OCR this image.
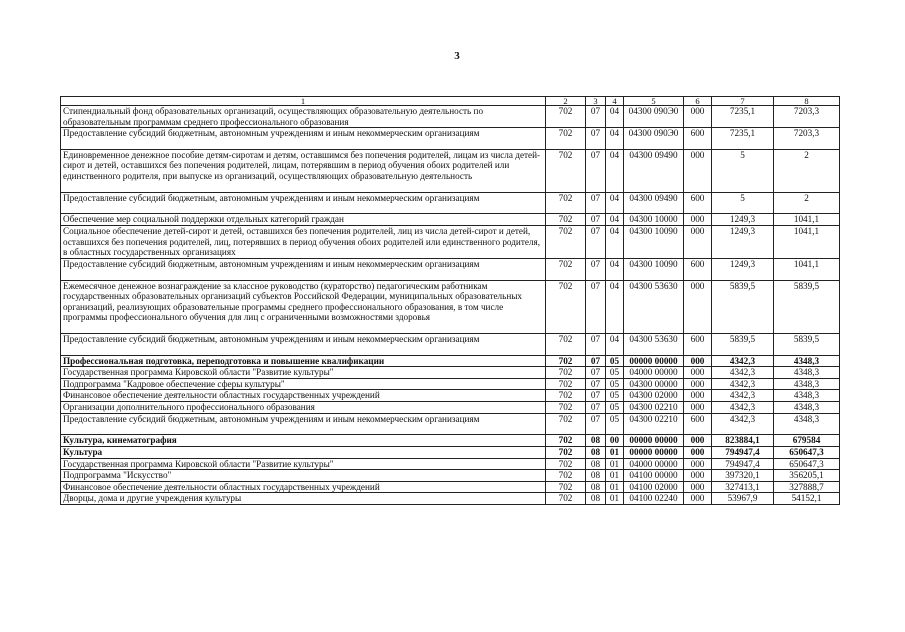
3
1	2	3	4	5	6	7	8
Стипендиальный фонд образовательных организаций, осуществляющих образовательную деятельность по образовательным программам среднего профессионального образования	702	07	04	04300 090Э0	000	7235,1	7203,3
Предоставление субсидий бюджетным, автономным учреждениям и иным некоммерческим организациям	702	07	04	04300 090Э0	600	7235,1	7203,3
Единовременное денежное пособие детям-сиротам и детям, оставшимся без попечения родителей, лицам из числа детей-сирот и детей, оставшихся без попечения родителей, лицам, потерявшим в период обучения обоих родителей или единственного родителя, при выпуске из организаций, осуществляющих образовательную деятельность	702	07	04	04300 09490	000	5	2
Предоставление субсидий бюджетным, автономным учреждениям и иным некоммерческим организациям	702	07	04	04300 09490	600	5	2
Обеспечение мер социальной поддержки отдельных категорий граждан	702	07	04	04300 10000	000	1249,3	1041,1
Социальное обеспечение детей-сирот и детей, оставшихся без попечения родителей, лиц из числа детей-сирот и детей, оставшихся без попечения родителей, лиц, потерявших в период обучения обоих родителей или единственного родителя, в областных государственных организациях	702	07	04	04300 10090	000	1249,3	1041,1
Предоставление субсидий бюджетным, автономным учреждениям и иным некоммерческим организациям	702	07	04	04300 10090	600	1249,3	1041,1
Ежемесячное денежное вознаграждение за классное руководство (кураторство) педагогическим работникам государственных образовательных организаций субъектов Российской Федерации, муниципальных образовательных организаций, реализующих образовательные программы среднего профессионального образования, в том числе программы профессионального обучения для лиц с ограниченными возможностями здоровья	702	07	04	04300 53630	000	5839,5	5839,5
Предоставление субсидий бюджетным, автономным учреждениям и иным некоммерческим организациям	702	07	04	04300 53630	600	5839,5	5839,5
Профессиональная подготовка, переподготовка и повышение квалификации	702	07	05	00000 00000	000	4342,3	4348,3
Государственная программа Кировской области "Развитие культуры"	702	07	05	04000 00000	000	4342,3	4348,3
Подпрограмма "Кадровое обеспечение сферы культуры"	702	07	05	04300 00000	000	4342,3	4348,3
Финансовое обеспечение деятельности областных государственных учреждений	702	07	05	04300 02000	000	4342,3	4348,3
Организации дополнительного профессионального образования	702	07	05	04300 02210	000	4342,3	4348,3
Предоставление субсидий бюджетным, автономным учреждениям и иным некоммерческим организациям	702	07	05	04300 02210	600	4342,3	4348,3
Культура, кинематография	702	08	00	00000 00000	000	823884,1	679584
Культура	702	08	01	00000 00000	000	794947,4	650647,3
Государственная программа Кировской области "Развитие культуры"	702	08	01	04000 00000	000	794947,4	650647,3
Подпрограмма "Искусство"	702	08	01	04100 00000	000	397320,1	356205,1
Финансовое обеспечение деятельности областных государственных учреждений	702	08	01	04100 02000	000	327413,1	327888,7
Дворцы, дома и другие учреждения культуры	702	08	01	04100 02240	000	53967,9	54152,1
